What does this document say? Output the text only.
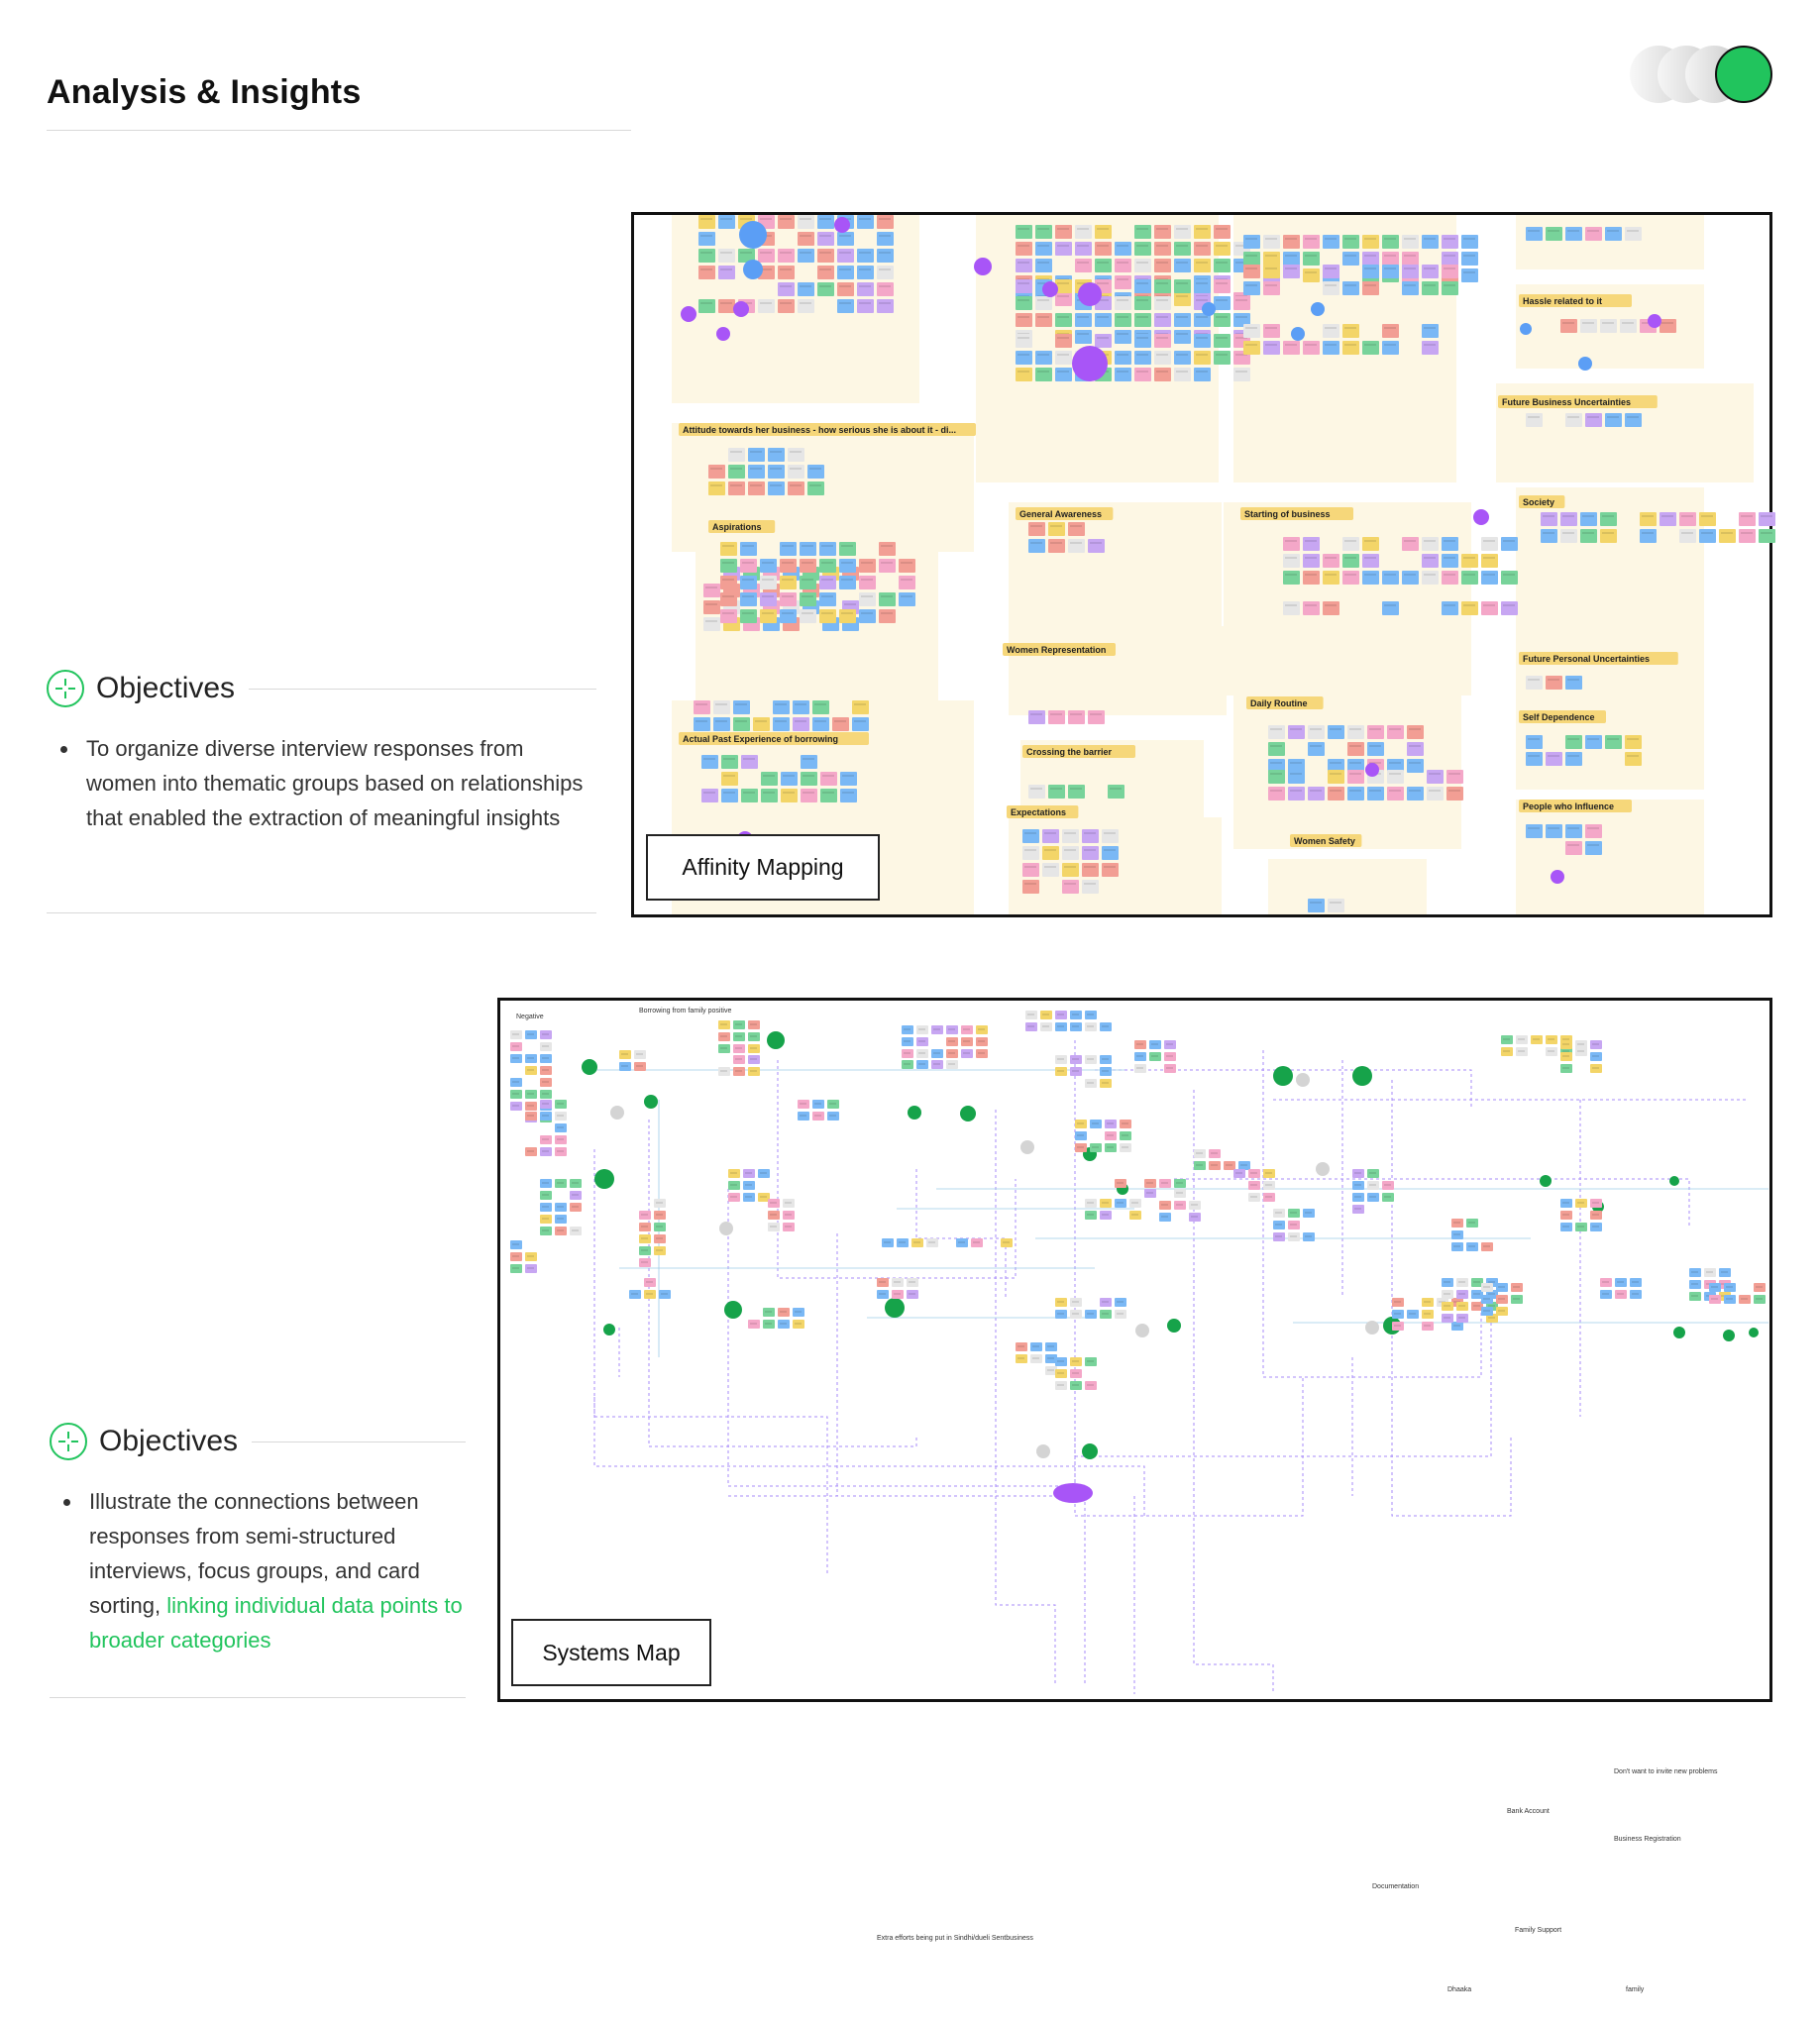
Analysis & Insights
Objectives
• To organize diverse interview responses from women into thematic groups based on relationships that enabled the extraction of meaningful insights
Attitude towards her business - how serious she is about it - di...
Aspirations
Actual Past Experience of borrowing
General Awareness
Women Representation
Crossing the barrier
Expectations
Starting of business
Daily Routine
Women Safety
Hassle related to it
Future Business Uncertainties
Society
Future Personal Uncertainties
Self Dependence
People who Influence
Affinity Mapping
Objectives
• Illustrate the connections between responses from semi-structured interviews, focus groups, and card sorting, linking individual data points to broader categories
Negative
Borrowing from family positive
Bank Account
Business Registration
Documentation
Extra efforts being put in Sindhi/dueli Sentbusiness
Family Support
Dhaaka	family
Don't want to invite new problems
Systems Map
